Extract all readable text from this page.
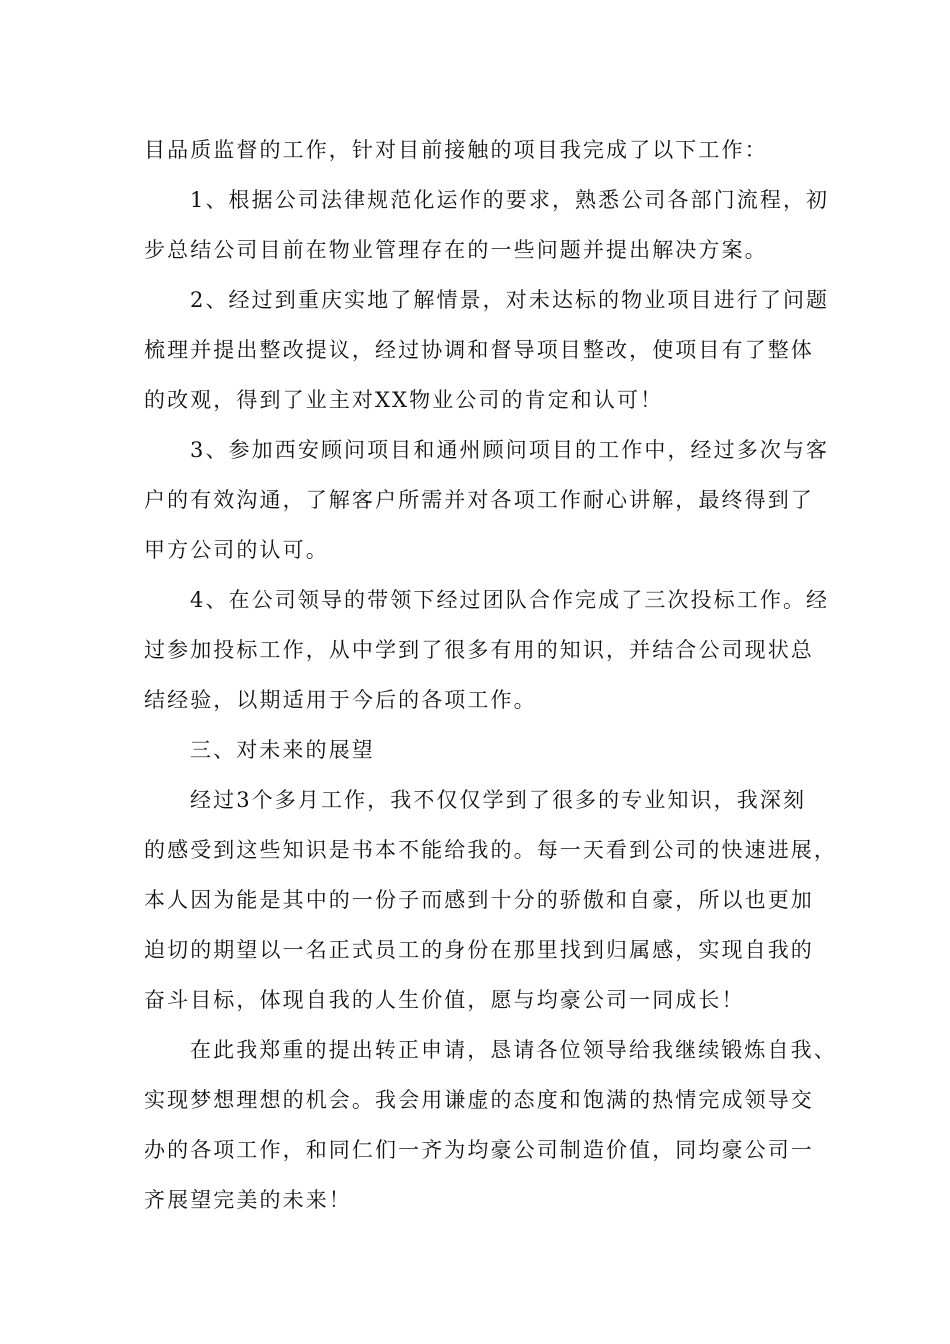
目品质监督的工作，针对目前接触的项目我完成了以下工作：
1、根据公司法律规范化运作的要求，熟悉公司各部门流程，初
步总结公司目前在物业管理存在的一些问题并提出解决方案。
2、经过到重庆实地了解情景，对未达标的物业项目进行了问题
梳理并提出整改提议，经过协调和督导项目整改，使项目有了整体
的改观，得到了业主对XX物业公司的肯定和认可！
3、参加西安顾问项目和通州顾问项目的工作中，经过多次与客
户的有效沟通，了解客户所需并对各项工作耐心讲解，最终得到了
甲方公司的认可。
4、在公司领导的带领下经过团队合作完成了三次投标工作。经
过参加投标工作，从中学到了很多有用的知识，并结合公司现状总
结经验，以期适用于今后的各项工作。
三、对未来的展望
经过3个多月工作，我不仅仅学到了很多的专业知识，我深刻
的感受到这些知识是书本不能给我的。每一天看到公司的快速进展，
本人因为能是其中的一份子而感到十分的骄傲和自豪，所以也更加
迫切的期望以一名正式员工的身份在那里找到归属感，实现自我的
奋斗目标，体现自我的人生价值，愿与均豪公司一同成长！
在此我郑重的提出转正申请，恳请各位领导给我继续锻炼自我、
实现梦想理想的机会。我会用谦虚的态度和饱满的热情完成领导交
办的各项工作，和同仁们一齐为均豪公司制造价值，同均豪公司一
齐展望完美的未来！
